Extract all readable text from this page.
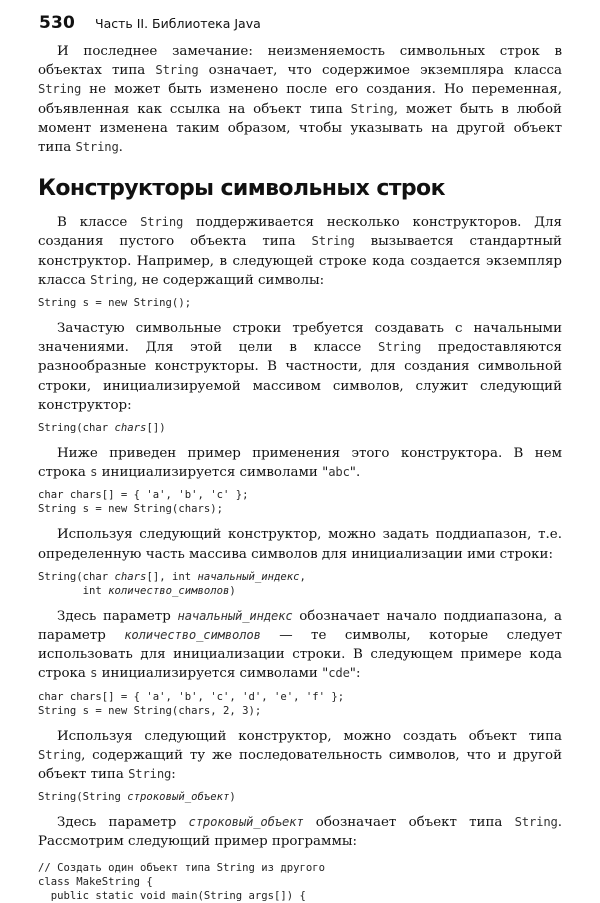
530 Часть II. Библиотека Java

И последнее замечание: неизменяемость символьных строк в объектах типа String означает, что содержимое экземпляра класса String не может быть изменено после его создания. Но переменная, объявленная как ссылка на объект типа String, может быть в любой момент изменена таким образом, чтобы указывать на другой объект типа String.

Конструкторы символьных строк

В классе String поддерживается несколько конструкторов. Для создания пустого объекта типа String вызывается стандартный конструктор. Например, в следующей строке кода создается экземпляр класса String, не содержащий символы:

String s = new String();

Зачастую символьные строки требуется создавать с начальными значениями. Для этой цели в классе String предоставляются разнообразные конструкторы. В частности, для создания символьной строки, инициализируемой массивом символов, служит следующий конструктор:

String(char chars[])

Ниже приведен пример применения этого конструктора. В нем строка s инициализируется символами "abc".

char chars[] = { 'a', 'b', 'c' };
String s = new String(chars);

Используя следующий конструктор, можно задать поддиапазон, т.е. определенную часть массива символов для инициализации ими строки:

String(char chars[], int начальный_индекс,
int количество_символов)

Здесь параметр начальный_индекс обозначает начало поддиапазона, а параметр количество_символов — те символы, которые следует использовать для инициализации строки. В следующем примере кода строка s инициализируется символами "cde":

char chars[] = { 'a', 'b', 'c', 'd', 'e', 'f' };
String s = new String(chars, 2, 3);

Используя следующий конструктор, можно создать объект типа String, содержащий ту же последовательность символов, что и другой объект типа String:

String(String строковый_объект)

Здесь параметр строковый_объект обозначает объект типа String. Рассмотрим следующий пример программы:

// Создать один объект типа String из другого
class MakeString {
public static void main(String args[]) {
